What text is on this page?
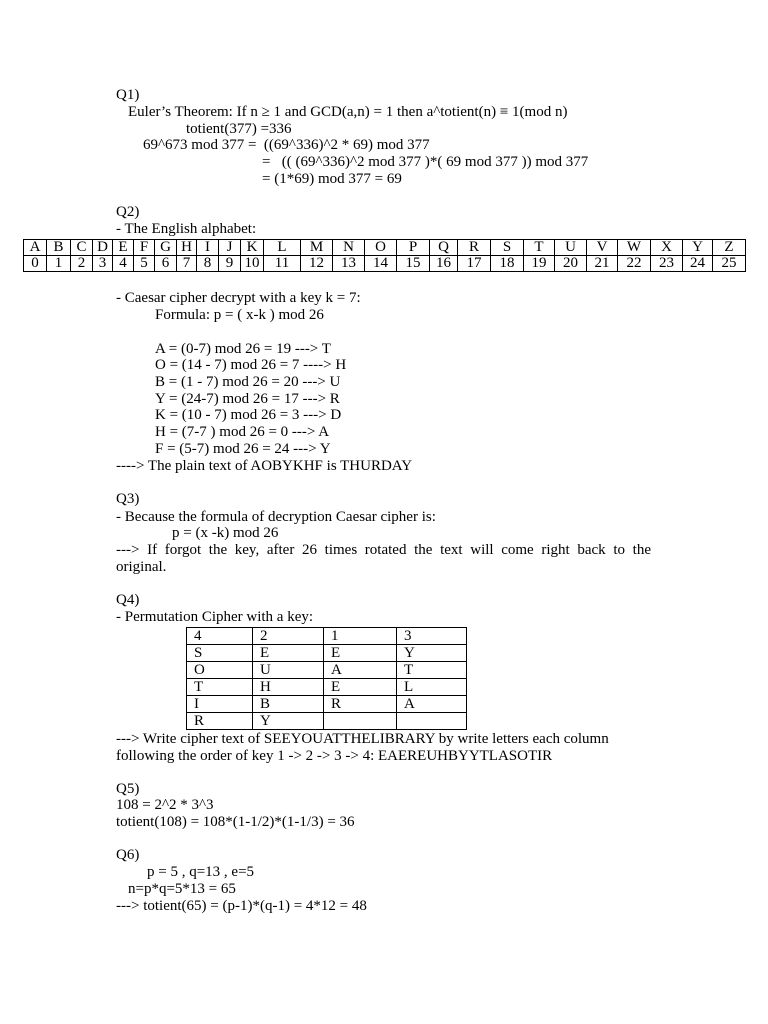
Q1)
Euler’s Theorem: If n ≥ 1 and GCD(a,n) = 1 then a^totient(n) ≡ 1(mod n)
totient(377) =336
69^673 mod 377 =  ((69^336)^2 * 69) mod 377
=   (( (69^336)^2 mod 377 )*( 69 mod 377 )) mod 377
= (1*69) mod 377 = 69
Q2)
- The English alphabet:
A	B	C	D	E	F	G	H	I	J	K	L	M	N	O	P	Q	R	S	T	U	V	W	X	Y	Z
0	1	2	3	4	5	6	7	8	9	10	11	12	13	14	15	16	17	18	19	20	21	22	23	24	25
- Caesar cipher decrypt with a key k = 7:
Formula: p = ( x-k ) mod 26
A = (0-7) mod 26 = 19 ---> T
O = (14 - 7) mod 26 = 7 ----> H
B = (1 - 7) mod 26 = 20 ---> U
Y = (24-7) mod 26 = 17 ---> R
K = (10 - 7) mod 26 = 3 ---> D
H = (7-7 ) mod 26 = 0 ---> A
F = (5-7) mod 26 = 24 ---> Y
----> The plain text of AOBYKHF is THURDAY
Q3)
- Because the formula of decryption Caesar cipher is:
p = (x -k) mod 26
---> If forgot the key, after 26 times rotated the text will come right back to the
original.
Q4)
- Permutation Cipher with a key:
4	2	1	3
S	E	E	Y
O	U	A	T
T	H	E	L
I	B	R	A
R	Y		
---> Write cipher text of SEEYOUATTHELIBRARY by write letters each column
following the order of key 1 -> 2 -> 3 -> 4: EAEREUHBYYTLASOTIR
Q5)
108 = 2^2 * 3^3
totient(108) = 108*(1-1/2)*(1-1/3) = 36
Q6)
p = 5 , q=13 , e=5
n=p*q=5*13 = 65
---> totient(65) = (p-1)*(q-1) = 4*12 = 48
